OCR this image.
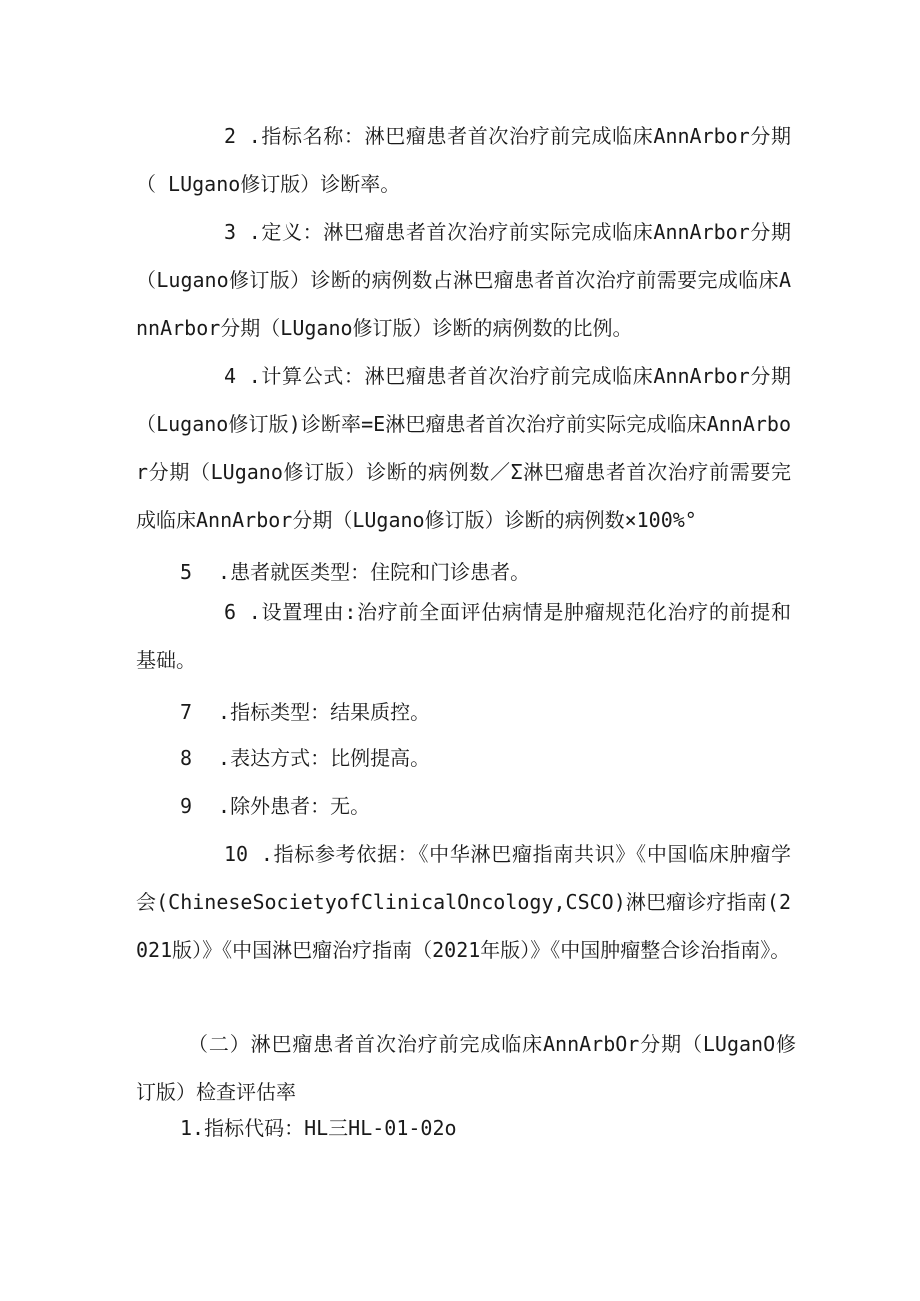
2 .指标名称：淋巴瘤患者首次治疗前完成临床AnnArbor分期（ LUgano修订版）诊断率。

3 .定义：淋巴瘤患者首次治疗前实际完成临床AnnArbor分期（Lugano修订版）诊断的病例数占淋巴瘤患者首次治疗前需要完成临床AnnArbor分期（LUgano修订版）诊断的病例数的比例。

4 .计算公式：淋巴瘤患者首次治疗前完成临床AnnArbor分期（Lugano修订版)诊断率=E淋巴瘤患者首次治疗前实际完成临床AnnArbor分期（LUgano修订版）诊断的病例数／Σ淋巴瘤患者首次治疗前需要完成临床AnnArbor分期（LUgano修订版）诊断的病例数×100%°

5 .患者就医类型：住院和门诊患者。

6 .设置理由:治疗前全面评估病情是肿瘤规范化治疗的前提和基础。

7 .指标类型：结果质控。

8 .表达方式：比例提高。

9 .除外患者：无。

10 .指标参考依据：《中华淋巴瘤指南共识》《中国临床肿瘤学会(ChineseSocietyofClinicalOncology,CSCO)淋巴瘤诊疗指南(2021版）》《中国淋巴瘤治疗指南（2021年版）》《中国肿瘤整合诊治指南》。

（二）淋巴瘤患者首次治疗前完成临床AnnArbOr分期（LUganO修订版）检查评估率

1.指标代码：HL三HL-01-02o
